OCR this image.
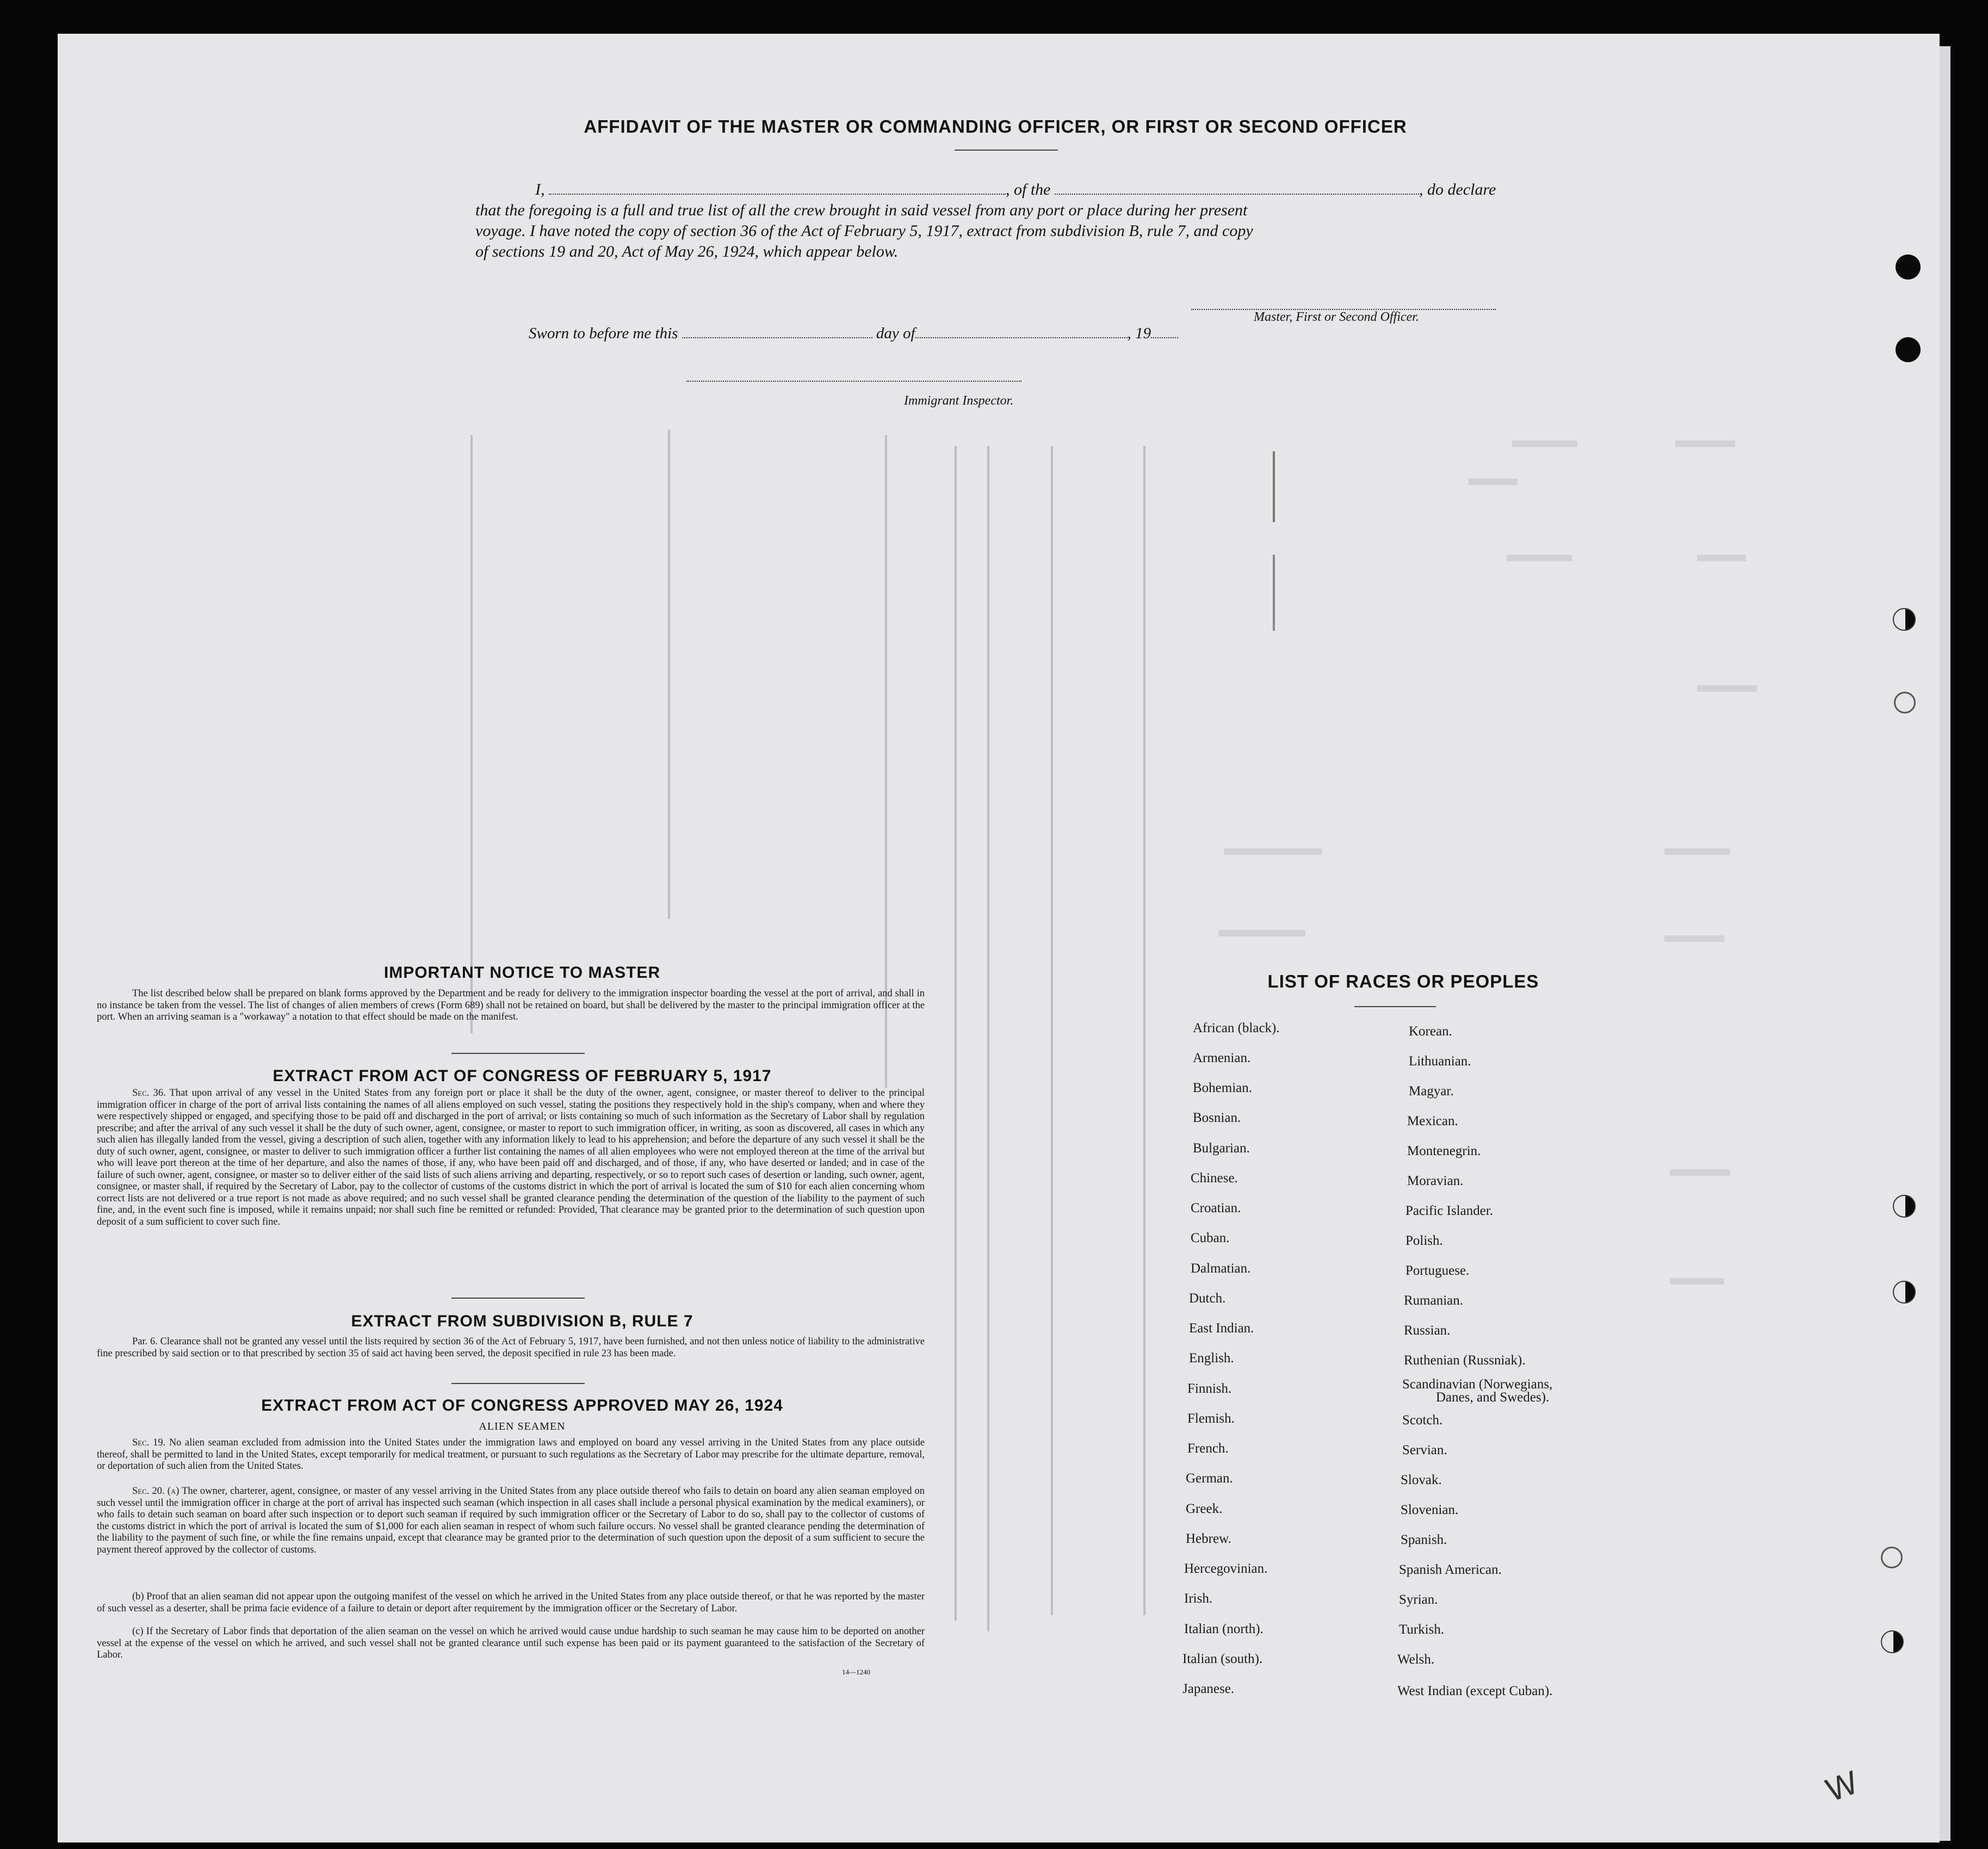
W
AFFIDAVIT OF THE MASTER OR COMMANDING OFFICER, OR FIRST OR SECOND OFFICER
I,	, of the	, do declare
that the foregoing is a full and true list of all the crew brought in said vessel from any port or place during her present
voyage. I have noted the copy of section 36 of the Act of February 5, 1917, extract from subdivision B, rule 7, and copy
of sections 19 and 20, Act of May 26, 1924, which appear below.
Master, First or Second Officer.
Sworn to before me this	day of	, 19
Immigrant Inspector.
IMPORTANT NOTICE TO MASTER
The list described below shall be prepared on blank forms approved by the Department and be ready for delivery to the immigration inspector boarding the vessel at the port of arrival, and shall in no instance be taken from the vessel. The list of changes of alien members of crews (Form 689) shall not be retained on board, but shall be delivered by the master to the principal immigration officer at the port. When an arriving seaman is a "workaway" a notation to that effect should be made on the manifest.
EXTRACT FROM ACT OF CONGRESS OF FEBRUARY 5, 1917
Sec. 36. That upon arrival of any vessel in the United States from any foreign port or place it shall be the duty of the owner, agent, consignee, or master thereof to deliver to the principal immigration officer in charge of the port of arrival lists containing the names of all aliens employed on such vessel, stating the positions they respectively hold in the ship's company, when and where they were respectively shipped or engaged, and specifying those to be paid off and discharged in the port of arrival; or lists containing so much of such information as the Secretary of Labor shall by regulation prescribe; and after the arrival of any such vessel it shall be the duty of such owner, agent, consignee, or master to report to such immigration officer, in writing, as soon as discovered, all cases in which any such alien has illegally landed from the vessel, giving a description of such alien, together with any information likely to lead to his apprehension; and before the departure of any such vessel it shall be the duty of such owner, agent, consignee, or master to deliver to such immigration officer a further list containing the names of all alien employees who were not employed thereon at the time of the arrival but who will leave port thereon at the time of her departure, and also the names of those, if any, who have been paid off and discharged, and of those, if any, who have deserted or landed; and in case of the failure of such owner, agent, consignee, or master so to deliver either of the said lists of such aliens arriving and departing, respectively, or so to report such cases of desertion or landing, such owner, agent, consignee, or master shall, if required by the Secretary of Labor, pay to the collector of customs of the customs district in which the port of arrival is located the sum of $10 for each alien concerning whom correct lists are not delivered or a true report is not made as above required; and no such vessel shall be granted clearance pending the determination of the question of the liability to the payment of such fine, and, in the event such fine is imposed, while it remains unpaid; nor shall such fine be remitted or refunded: Provided, That clearance may be granted prior to the determination of such question upon deposit of a sum sufficient to cover such fine.
EXTRACT FROM SUBDIVISION B, RULE 7
Par. 6. Clearance shall not be granted any vessel until the lists required by section 36 of the Act of February 5, 1917, have been furnished, and not then unless notice of liability to the administrative fine prescribed by said section or to that prescribed by section 35 of said act having been served, the deposit specified in rule 23 has been made.
EXTRACT FROM ACT OF CONGRESS APPROVED MAY 26, 1924
ALIEN SEAMEN
Sec. 19. No alien seaman excluded from admission into the United States under the immigration laws and employed on board any vessel arriving in the United States from any place outside thereof, shall be permitted to land in the United States, except temporarily for medical treatment, or pursuant to such regulations as the Secretary of Labor may prescribe for the ultimate departure, removal, or deportation of such alien from the United States.
Sec. 20. (a) The owner, charterer, agent, consignee, or master of any vessel arriving in the United States from any place outside thereof who fails to detain on board any alien seaman employed on such vessel until the immigration officer in charge at the port of arrival has inspected such seaman (which inspection in all cases shall include a personal physical examination by the medical examiners), or who fails to detain such seaman on board after such inspection or to deport such seaman if required by such immigration officer or the Secretary of Labor to do so, shall pay to the collector of customs of the customs district in which the port of arrival is located the sum of $1,000 for each alien seaman in respect of whom such failure occurs. No vessel shall be granted clearance pending the determination of the liability to the payment of such fine, or while the fine remains unpaid, except that clearance may be granted prior to the determination of such question upon the deposit of a sum sufficient to secure the payment thereof approved by the collector of customs.
(b) Proof that an alien seaman did not appear upon the outgoing manifest of the vessel on which he arrived in the United States from any place outside thereof, or that he was reported by the master of such vessel as a deserter, shall be prima facie evidence of a failure to detain or deport after requirement by the immigration officer or the Secretary of Labor.
(c) If the Secretary of Labor finds that deportation of the alien seaman on the vessel on which he arrived would cause undue hardship to such seaman he may cause him to be deported on another vessel at the expense of the vessel on which he arrived, and such vessel shall not be granted clearance until such expense has been paid or its payment guaranteed to the satisfaction of the Secretary of Labor.
14—1240
LIST OF RACES OR PEOPLES
African (black).
Armenian.
Bohemian.
Bosnian.
Bulgarian.
Chinese.
Croatian.
Cuban.
Dalmatian.
Dutch.
East Indian.
English.
Finnish.
Flemish.
French.
German.
Greek.
Hebrew.
Hercegovinian.
Irish.
Italian (north).
Italian (south).
Japanese.
Korean.
Lithuanian.
Magyar.
Mexican.
Montenegrin.
Moravian.
Pacific Islander.
Polish.
Portuguese.
Rumanian.
Russian.
Ruthenian (Russniak).
Scandinavian (Norwegians,
Danes, and Swedes).
Scotch.
Servian.
Slovak.
Slovenian.
Spanish.
Spanish American.
Syrian.
Turkish.
Welsh.
West Indian (except Cuban).
